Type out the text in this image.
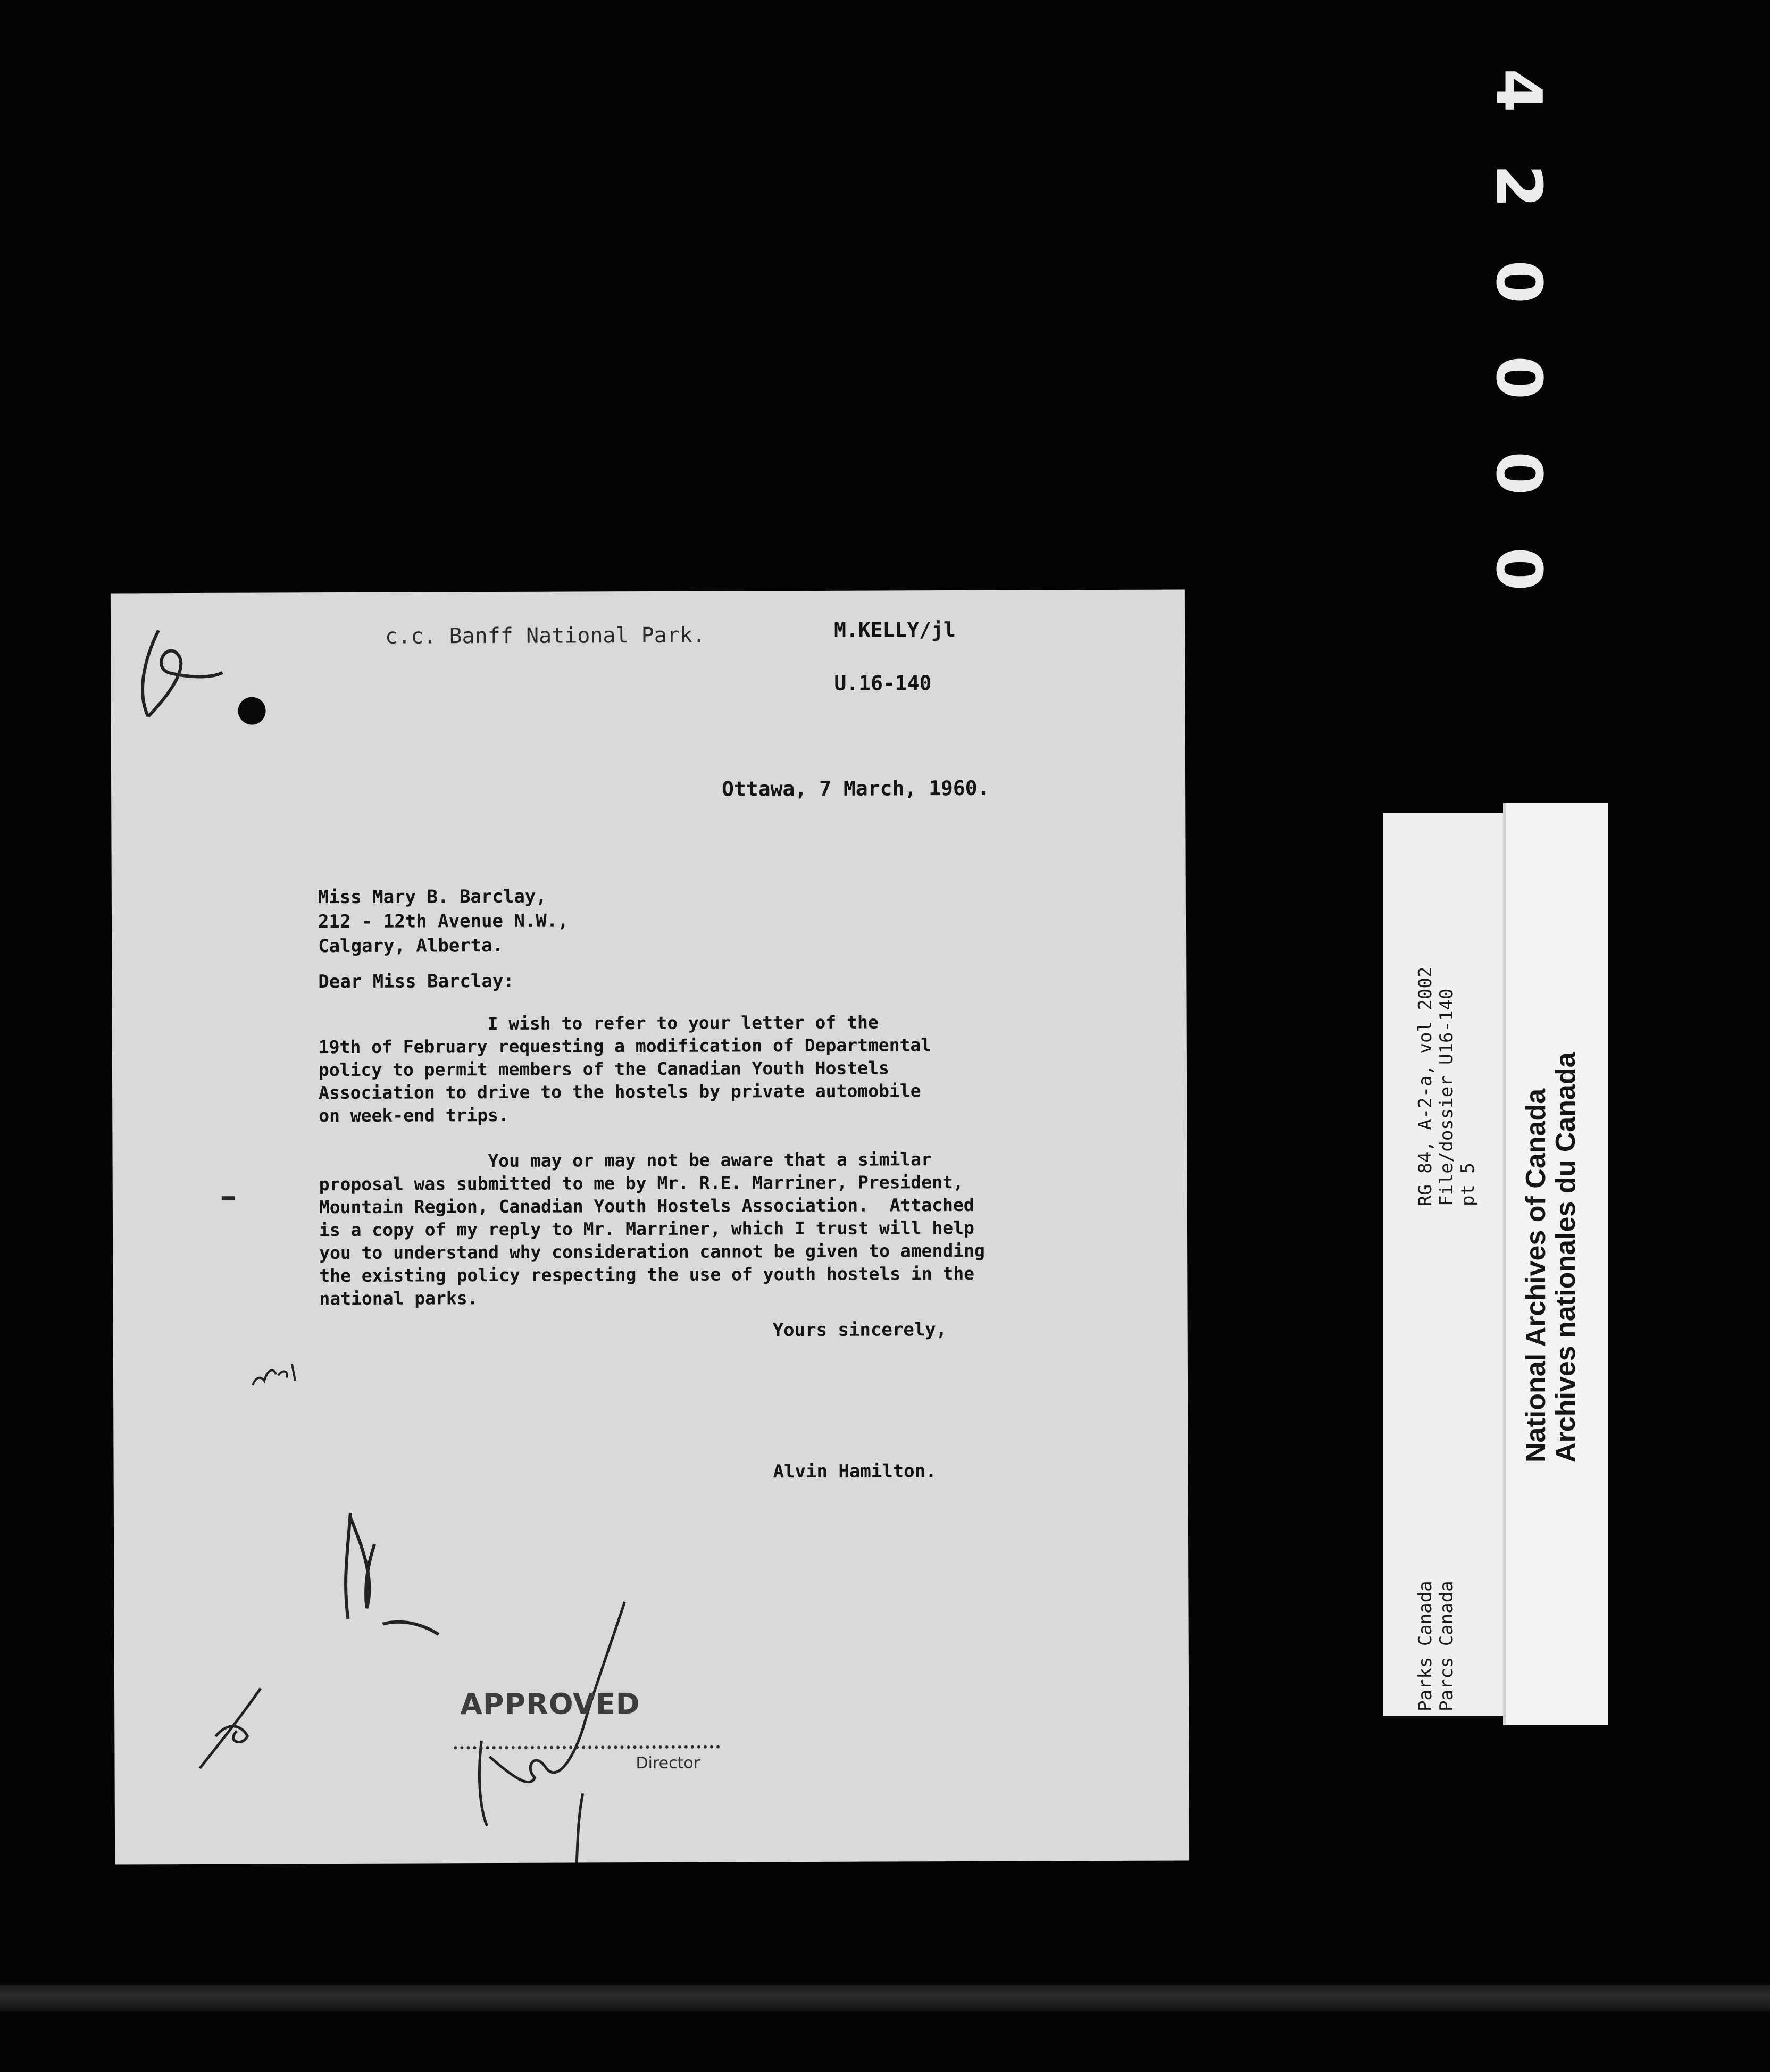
c.c. Banff National Park.	M.KELLY/jl

U.16-140

Ottawa, 7 March, 1960.

Miss Mary B. Barclay,
212 - 12th Avenue N.W.,
Calgary, Alberta.

Dear Miss Barclay:

I wish to refer to your letter of the
19th of February requesting a modification of Departmental
policy to permit members of the Canadian Youth Hostels
Association to drive to the hostels by private automobile
on week-end trips.

You may or may not be aware that a similar
proposal was submitted to me by Mr. R.E. Marriner, President,
Mountain Region, Canadian Youth Hostels Association.  Attached
is a copy of my reply to Mr. Marriner, which I trust will help
you to understand why consideration cannot be given to amending
the existing policy respecting the use of youth hostels in the
national parks.

Yours sincerely,

Alvin Hamilton.

APPROVED
Director
4
2
0
0
0
0

RG 84, A-2-a, vol 2002
File/dossier U16-140
pt 5

Parks Canada
Parcs Canada

National Archives of Canada
Archives nationales du Canada
